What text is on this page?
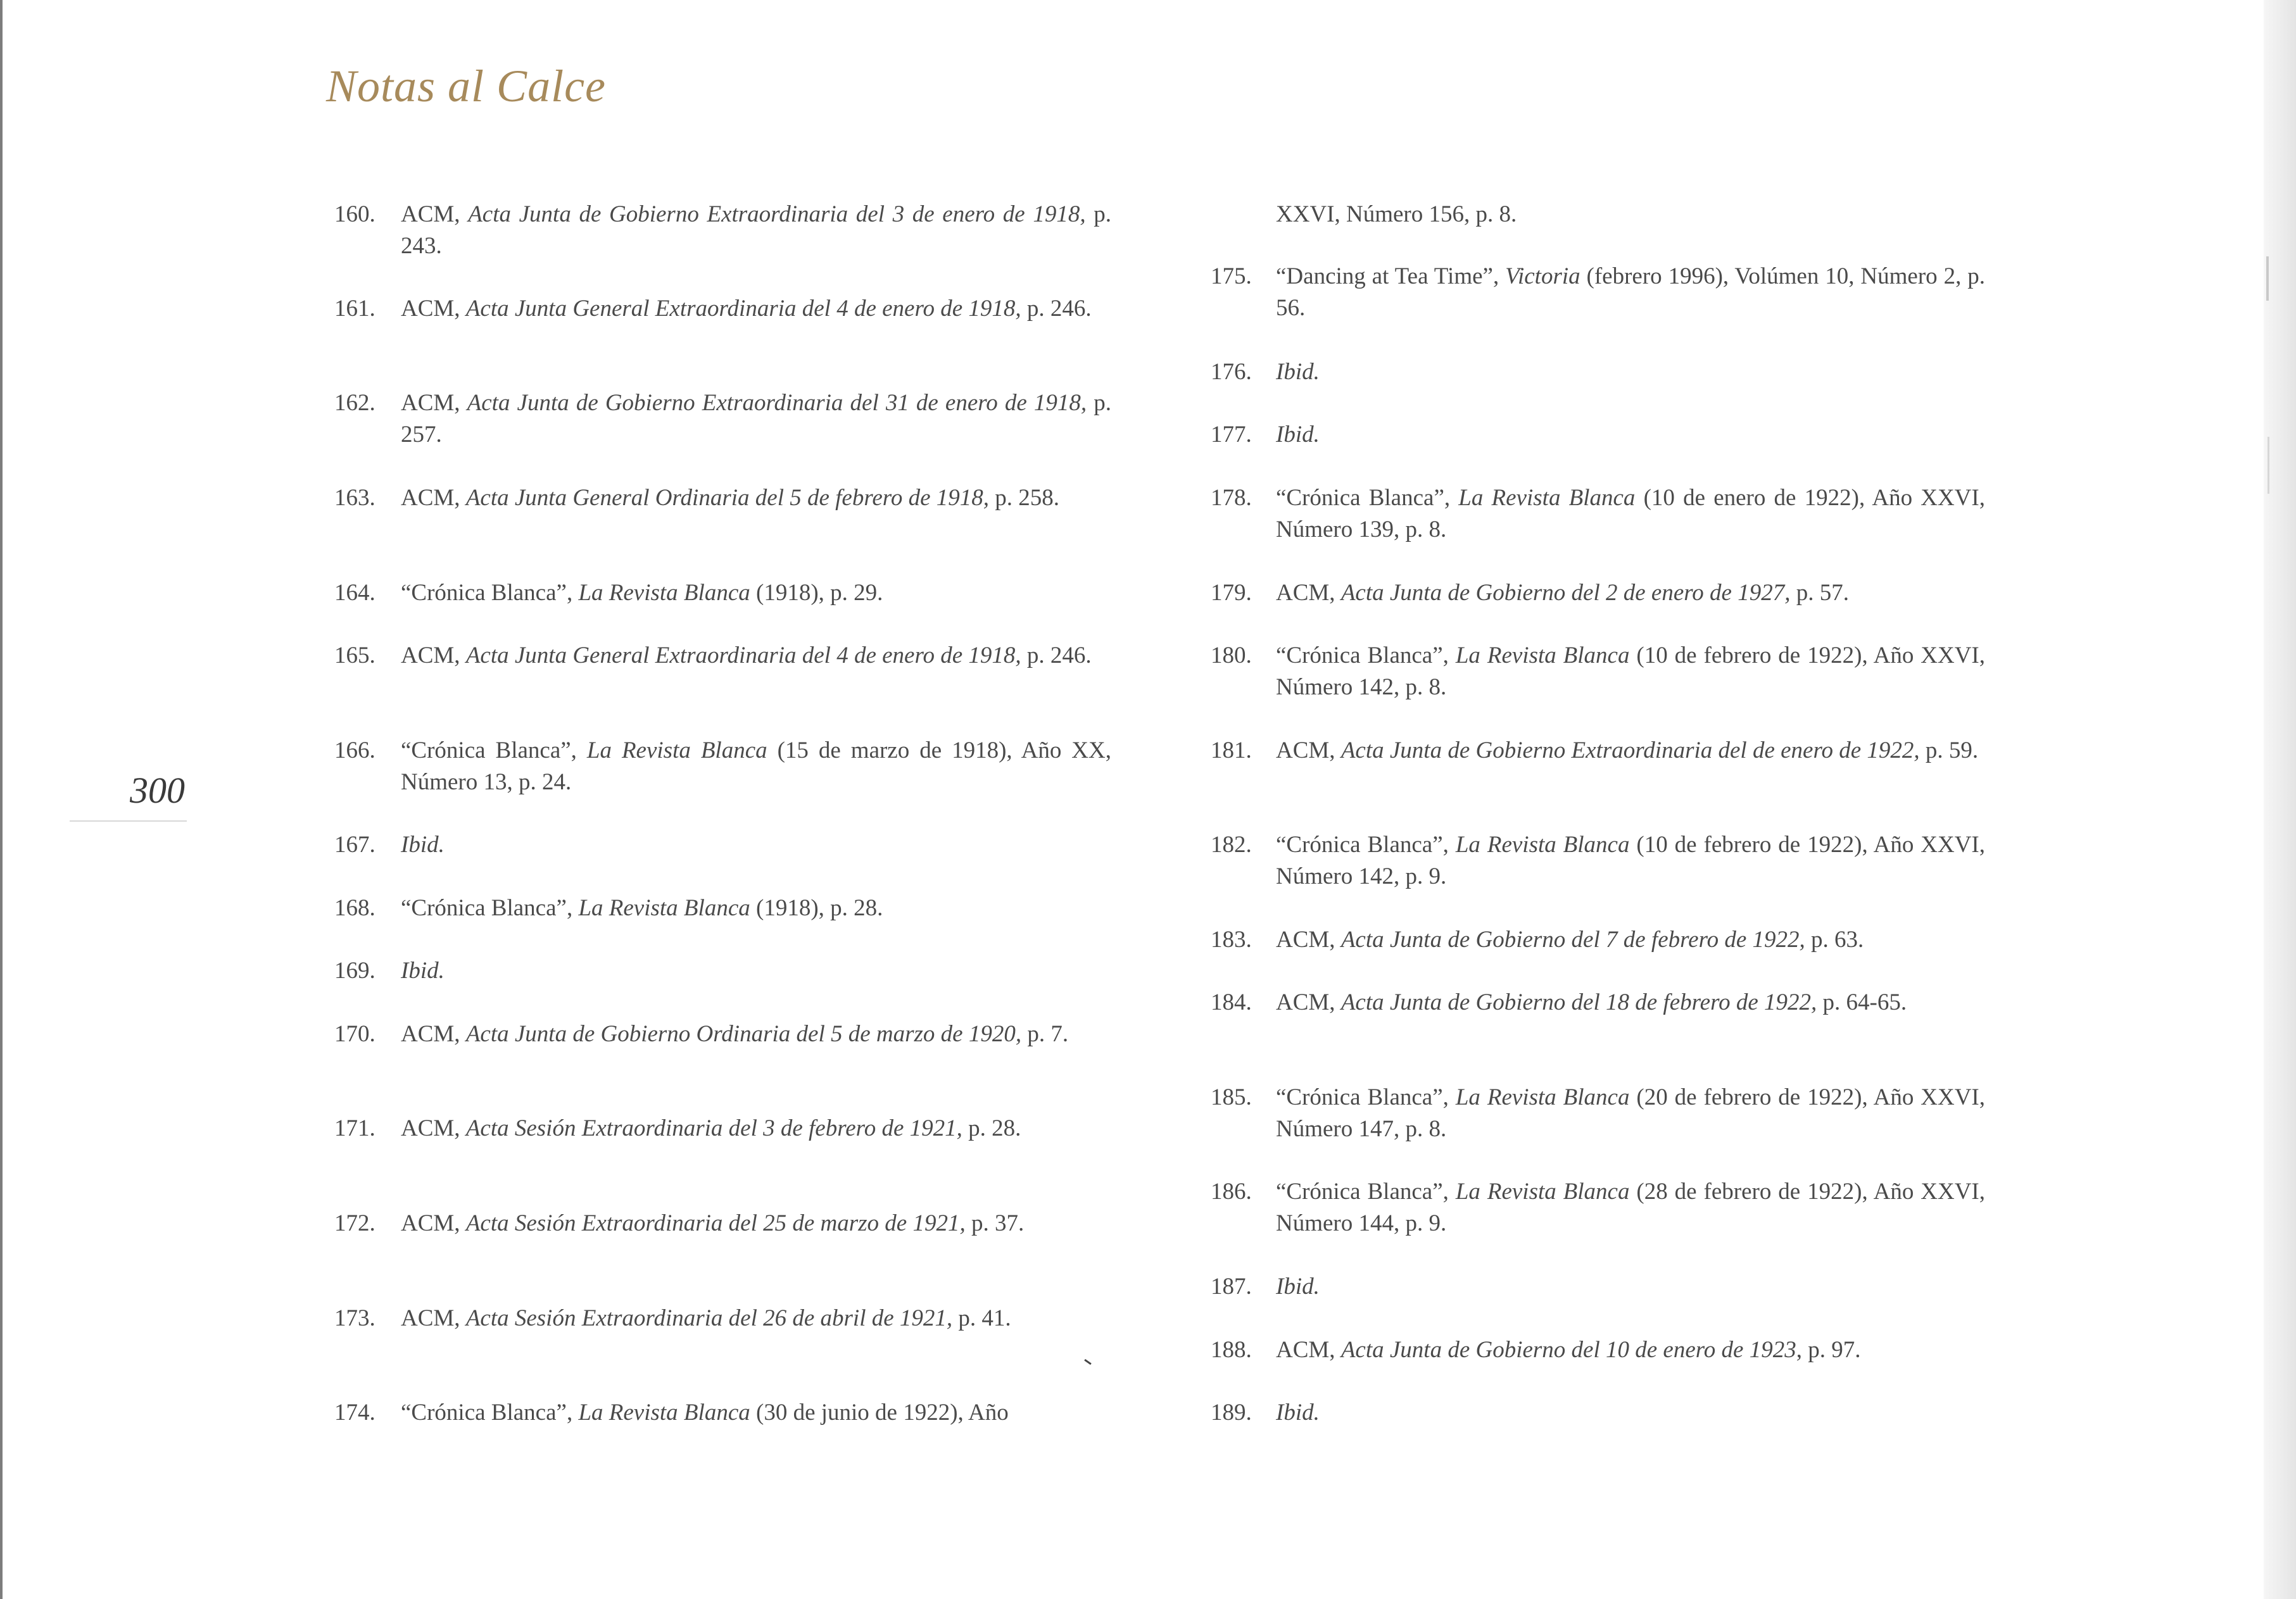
Notas al Calce
300
160.	ACM, Acta Junta de Gobierno Extraordinaria del 3 de enero de 1918, p. 243.
161.	ACM, Acta Junta General Extraordinaria del 4 de enero de 1918, p. 246.
162.	ACM, Acta Junta de Gobierno Extraordinaria del 31 de enero de 1918, p. 257.
163.	ACM, Acta Junta General Ordinaria del 5 de febrero de 1918, p. 258.
164.	“Crónica Blanca”, La Revista Blanca (1918), p. 29.
165.	ACM, Acta Junta General Extraordinaria del 4 de enero de 1918, p. 246.
166.	“Crónica Blanca”, La Revista Blanca (15 de marzo de 1918), Año XX, Número 13, p. 24.
167.	Ibid.
168.	“Crónica Blanca”, La Revista Blanca (1918), p. 28.
169.	Ibid.
170.	ACM, Acta Junta de Gobierno Ordinaria del 5 de marzo de 1920, p. 7.
171.	ACM, Acta Sesión Extraordinaria del 3 de febrero de 1921, p. 28.
172.	ACM, Acta Sesión Extraordinaria del 25 de marzo de 1921, p. 37.
173.	ACM, Acta Sesión Extraordinaria del 26 de abril de 1921, p. 41.
174.	“Crónica Blanca”, La Revista Blanca (30 de junio de 1922), Año
XXVI, Número 156, p. 8.
175.	“Dancing at Tea Time”, Victoria (febrero 1996), Volúmen 10, Número 2, p. 56.
176.	Ibid.
177.	Ibid.
178.	“Crónica Blanca”, La Revista Blanca (10 de enero de 1922), Año XXVI, Número 139, p. 8.
179.	ACM, Acta Junta de Gobierno del 2 de enero de 1927, p. 57.
180.	“Crónica Blanca”, La Revista Blanca (10 de febrero de 1922), Año XXVI, Número 142, p. 8.
181.	ACM, Acta Junta de Gobierno Extraordinaria del de enero de 1922, p. 59.
182.	“Crónica Blanca”, La Revista Blanca (10 de febrero de 1922), Año XXVI, Número 142, p. 9.
183.	ACM, Acta Junta de Gobierno del 7 de febrero de 1922, p. 63.
184.	ACM, Acta Junta de Gobierno del 18 de febrero de 1922, p. 64-65.
185.	“Crónica Blanca”, La Revista Blanca (20 de febrero de 1922), Año XXVI, Número 147, p. 8.
186.	“Crónica Blanca”, La Revista Blanca (28 de febrero de 1922), Año XXVI, Número 144, p. 9.
187.	Ibid.
188.	ACM, Acta Junta de Gobierno del 10 de enero de 1923, p. 97.
189.	Ibid.
